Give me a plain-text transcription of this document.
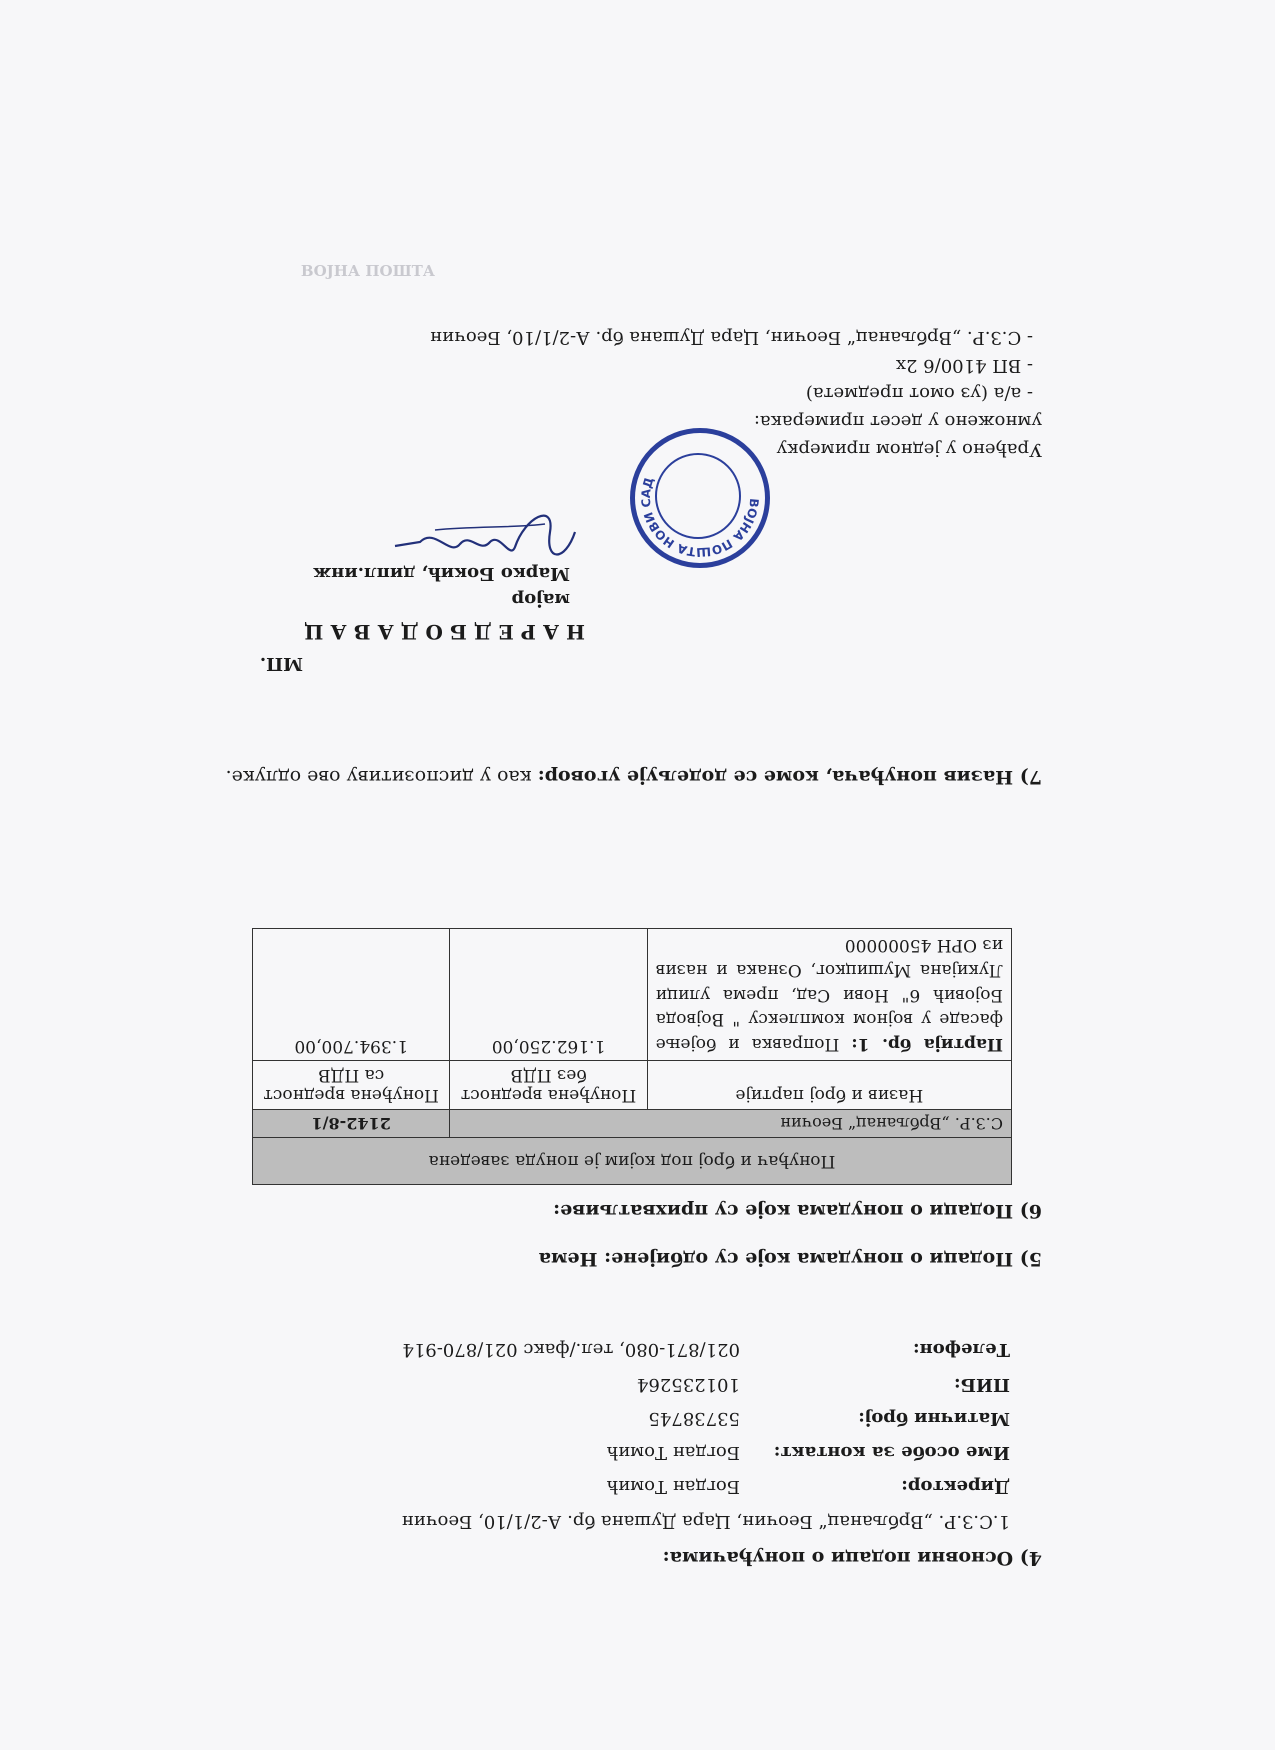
ВОЈНА ПОШТА
4) Основни подаци о понуђачима:
1.С.З.Р. „Врбљанац“ Беочин, Цара Душана бр. А-2/1/10, Беочин
Директор:Богдан Томић
Име особе за контакт:Богдан Томић
Матични број:53738745
ПИБ:101235264
Телефон:021/871-080, тел./факс 021/870-914
5) Подаци о понудама које су одбијене: Нема
6) Подаци о понудама које су прихватљиве:
Понуђач и број под којим је понуда заведена		
С.З.Р. „Врбљанац“ Беочин		2142-8/1
Назив и број партије	Понуђена вредност без ПДВ	Понуђена вредност са ПДВ
Партија бр. 1: Поправка и бојење фасаде у војном комплексу " Војвода Бојовић 6" Нови Сад, према улици Лукијана Мушицког, Ознака и назив из ОРН 45000000	1.162.250,00	1.394.700,00
7) Назив понуђача, коме се додељује уговор: као у диспозитиву ове одлуке.
МП.
Н А Р Е Д Б О Д А В А Ц
мајор
Марко Бокић, дипл.инж
ВОЈНА ПОШТА НОВИ САД
Урађено у једном примерку
умножено у десет примерака:
- а/а (уз омот предмета)
- ВП 4100/6 2х
- С.З.Р. „Врбљанац“ Беочин, Цара Душана бр. А-2/1/10, Беочин
